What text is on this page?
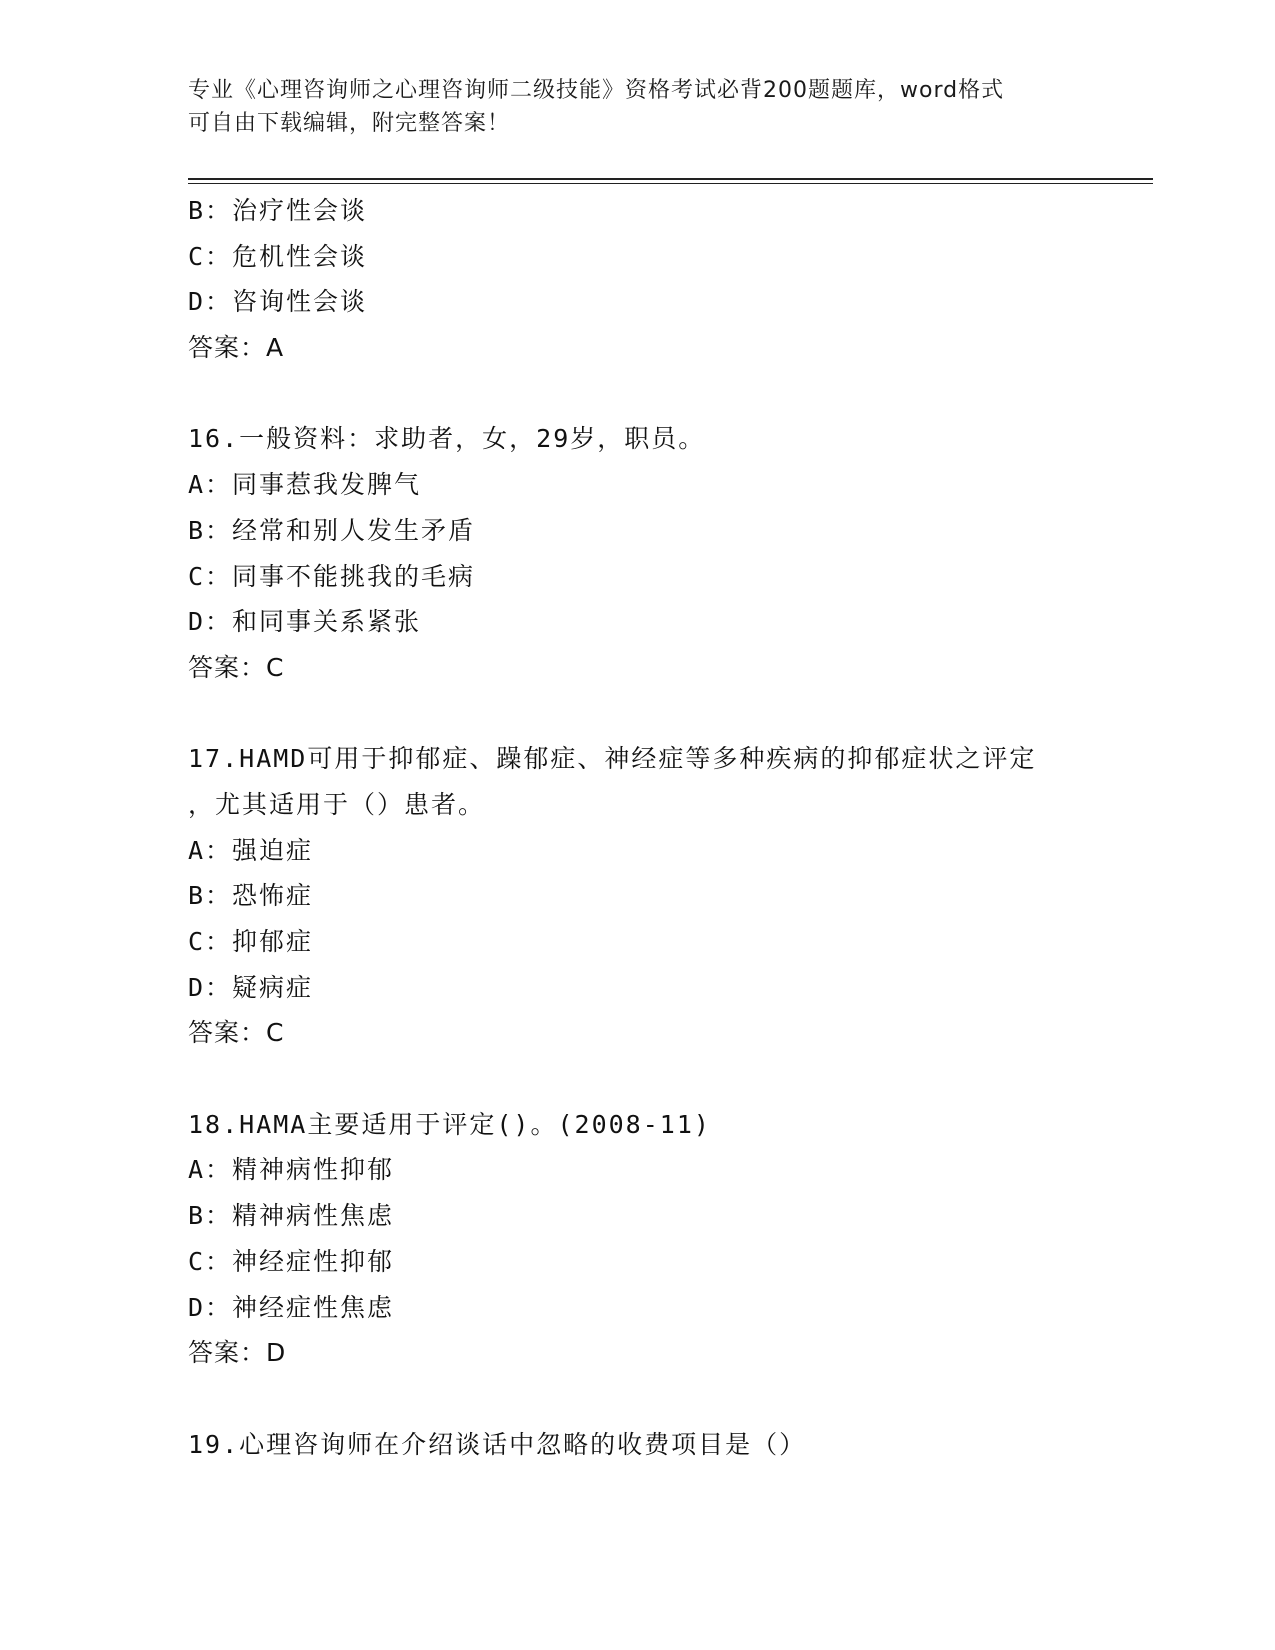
专业《心理咨询师之心理咨询师二级技能》资格考试必背200题题库，word格式
可自由下载编辑，附完整答案！
B：治疗性会谈
C：危机性会谈
D：咨询性会谈
答案：A
16.一般资料：求助者，女，29岁，职员。
A：同事惹我发脾气
B：经常和别人发生矛盾
C：同事不能挑我的毛病
D：和同事关系紧张
答案：C
17.HAMD可用于抑郁症、躁郁症、神经症等多种疾病的抑郁症状之评定
，尤其适用于（）患者。
A：强迫症
B：恐怖症
C：抑郁症
D：疑病症
答案：C
18.HAMA主要适用于评定()。(2008-11)
A：精神病性抑郁
B：精神病性焦虑
C：神经症性抑郁
D：神经症性焦虑
答案：D
19.心理咨询师在介绍谈话中忽略的收费项目是（）
